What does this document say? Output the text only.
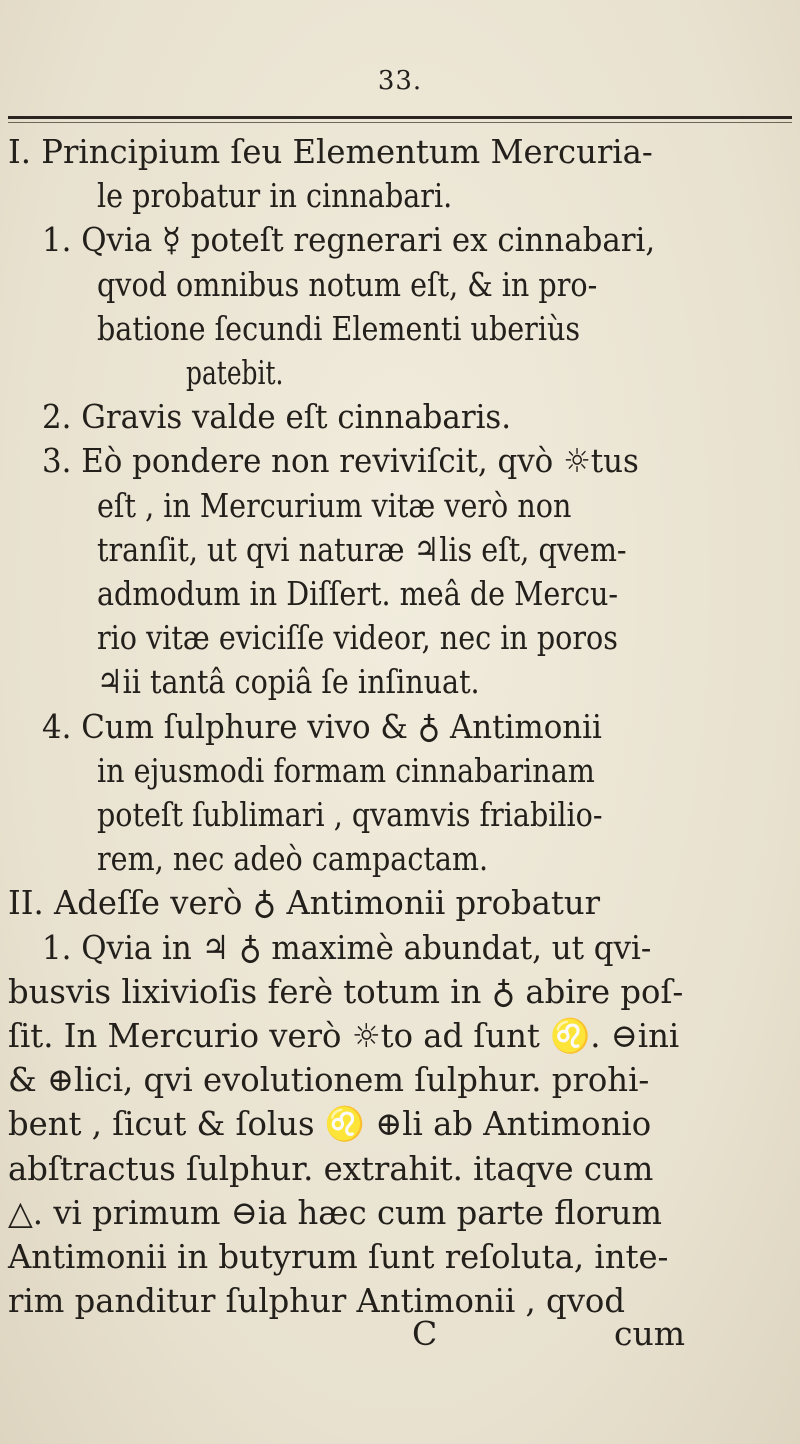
33.
I. Principium ſeu Elementum Mercuria-
le probatur in cinnabari.
1. Qvia ☿ poteſt regnerari ex cinnabari,
qvod omnibus notum eſt, & in pro-
batione ſecundi Elementi uberiùs
patebit.
2. Gravis valde eſt cinnabaris.
3. Eò pondere non reviviſcit, qvò ☼tus
eſt , in Mercurium vitæ verò non
tranſit, ut qvi naturæ ♃lis eſt, qvem-
admodum in Diſſert. meâ de Mercu-
rio vitæ eviciſſe videor, nec in poros
♃ii tantâ copiâ ſe inſinuat.
4. Cum ſulphure vivo & ♁ Antimonii
in ejusmodi formam cinnabarinam
poteſt ſublimari , qvamvis friabilio-
rem, nec adeò campactam.
II. Adeſſe verò ♁ Antimonii probatur
1. Qvia in ♃ ♁ maximè abundat, ut qvi-
busvis lixivioſis ferè totum in ♁ abire poſ-
ſit. In Mercurio verò ☼to ad ſunt ♌. ⊖ini
& ⊕lici, qvi evolutionem ſulphur. prohi-
bent , ſicut & ſolus ♌ ⊕li ab Antimonio
abſtractus ſulphur. extrahit. itaqve cum
△. vi primum ⊖ia hæc cum parte florum
Antimonii in butyrum ſunt reſoluta, inte-
rim panditur ſulphur Antimonii , qvod
C	cum
